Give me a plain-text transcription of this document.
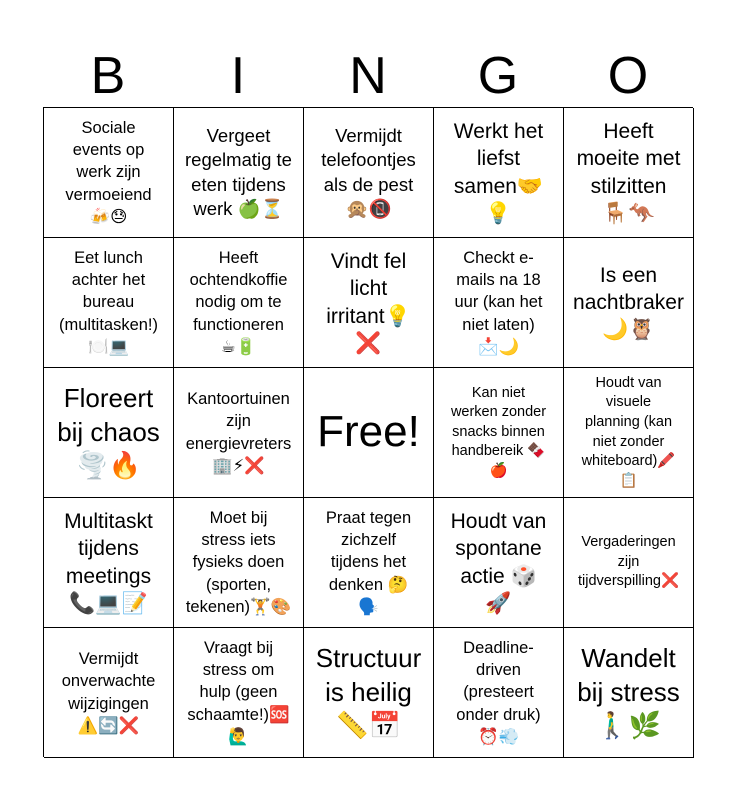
B	I	N	G	O
Sociale
events op
werk zijn
vermoeiend
🍻😓
Vergeet
regelmatig te
eten tijdens
werk 🍏⏳
Vermijdt
telefoontjes
als de pest
🙊📵
Werkt het
liefst
samen🤝
💡
Heeft
moeite met
stilzitten
🪑🦘
Eet lunch
achter het
bureau
(multitasken!)
🍽️💻
Heeft
ochtendkoffie
nodig om te
functioneren
☕🔋
Vindt fel
licht
irritant💡
❌
Checkt e-
mails na 18
uur (kan het
niet laten)
📩🌙
Is een
nachtbraker
🌙🦉
Floreert
bij chaos
🌪️🔥
Kantoortuinen
zijn
energievreters
🏢⚡❌
Free!
Kan niet
werken zonder
snacks binnen
handbereik 🍫
🍎
Houdt van
visuele
planning (kan
niet zonder
whiteboard)🖍️
📋
Multitaskt
tijdens
meetings
📞💻📝
Moet bij
stress iets
fysieks doen
(sporten,
tekenen)🏋️🎨
Praat tegen
zichzelf
tijdens het
denken 🤔
🗣️
Houdt van
spontane
actie 🎲
🚀
Vergaderingen
zijn
tijdverspilling❌
Vermijdt
onverwachte
wijzigingen
⚠️🔄❌
Vraagt bij
stress om
hulp (geen
schaamte!)🆘
🙋‍♂️
Structuur
is heilig
📏📅
Deadline-
driven
(presteert
onder druk)
⏰💨
Wandelt
bij stress
🚶‍♂️🌿
